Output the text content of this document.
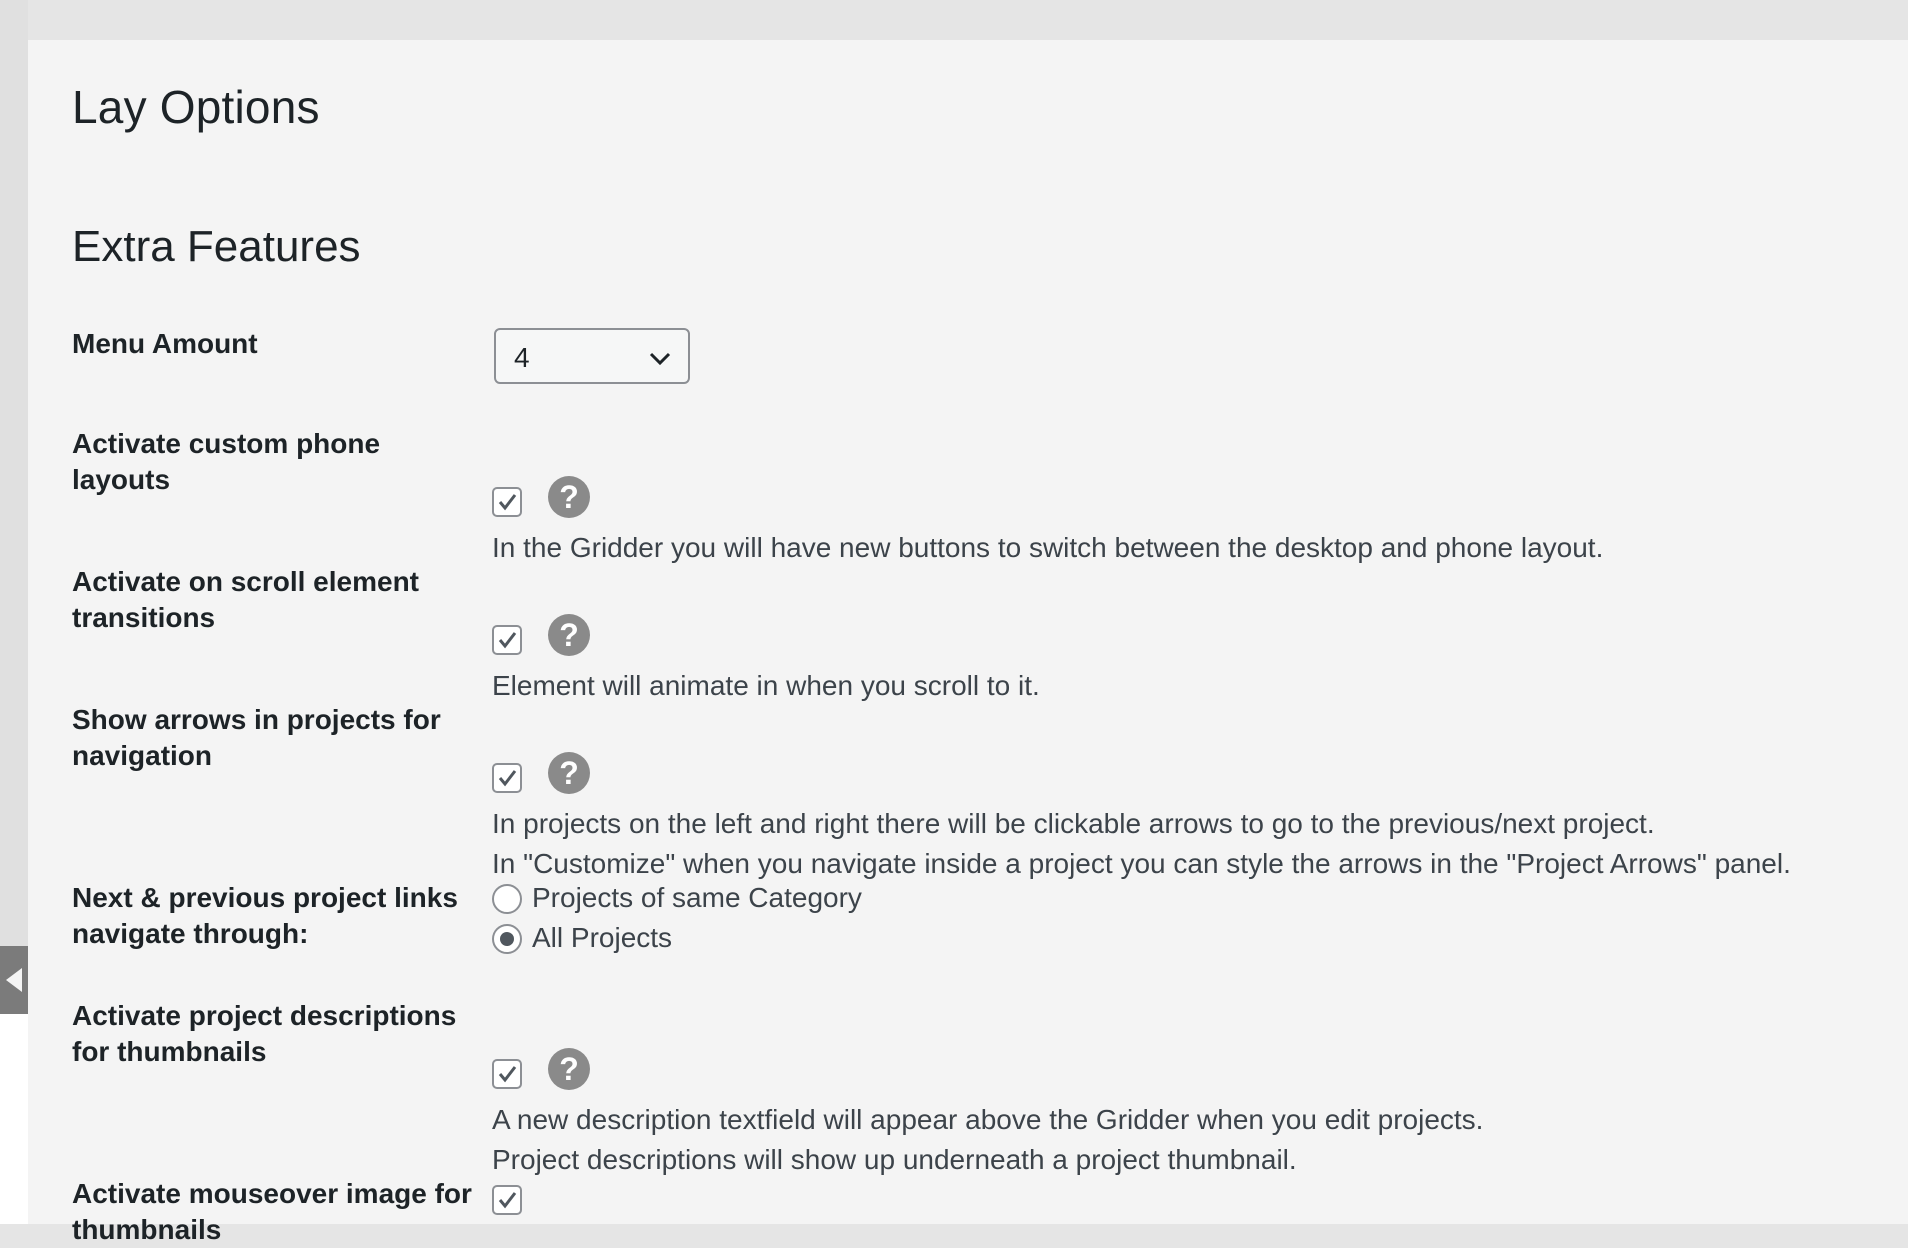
Lay Options
Extra Features
Menu Amount	4
Activate custom phone layouts	?
In the Gridder you will have new buttons to switch between the desktop and phone layout.
Activate on scroll element transitions	?
Element will animate in when you scroll to it.
Show arrows in projects for navigation	?
In projects on the left and right there will be clickable arrows to go to the previous/next project.
In "Customize" when you navigate inside a project you can style the arrows in the "Project Arrows" panel.
Next & previous project links navigate through:
Projects of same Category
All Projects
Activate project descriptions for thumbnails	?
A new description textfield will appear above the Gridder when you edit projects.
Project descriptions will show up underneath a project thumbnail.
Activate mouseover image for thumbnails
